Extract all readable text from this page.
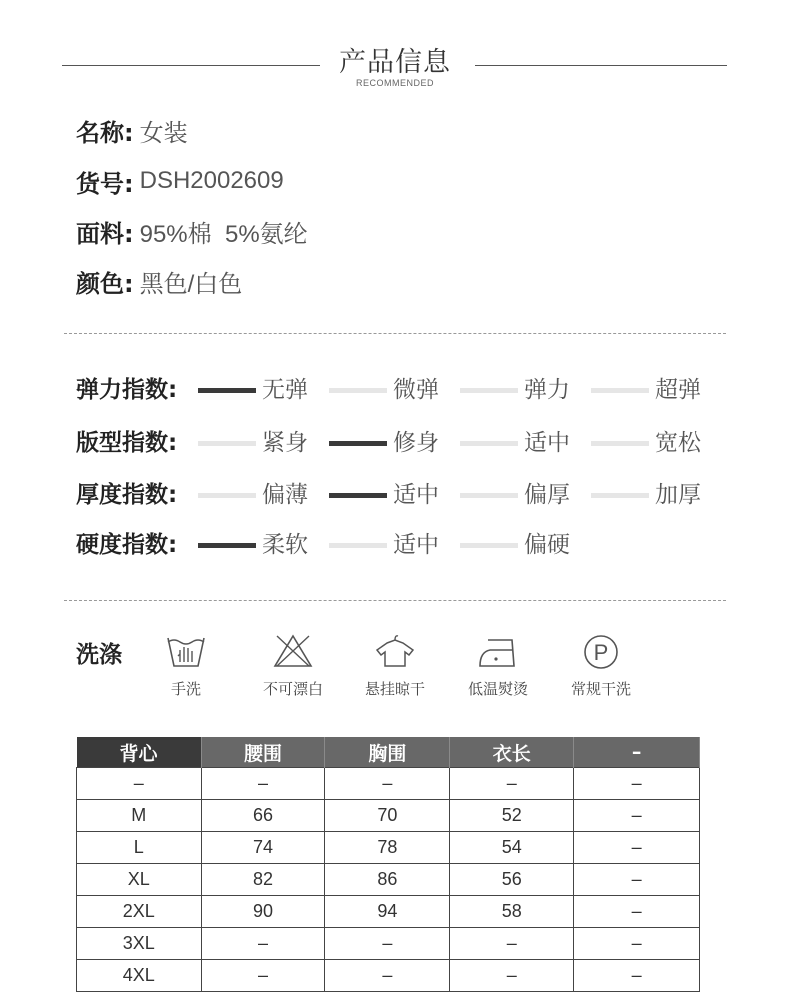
产品信息
RECOMMENDED
名称: 女装
货号: DSH2002609
面料: 95%棉  5%氨纶
颜色: 黑色/白色
弹力指数:	无弹	微弹	弹力	超弹
版型指数:	紧身	修身	适中	宽松
厚度指数:	偏薄	适中	偏厚	加厚
硬度指数:	柔软	适中	偏硬
洗涤
手洗	不可漂白	悬挂晾干	低温熨烫
P
常规干洗
背心	腰围	胸围	衣长	–
–	–	–	–	–
M	66	70	52	–
L	74	78	54	–
XL	82	86	56	–
2XL	90	94	58	–
3XL	–	–	–	–
4XL	–	–	–	–
